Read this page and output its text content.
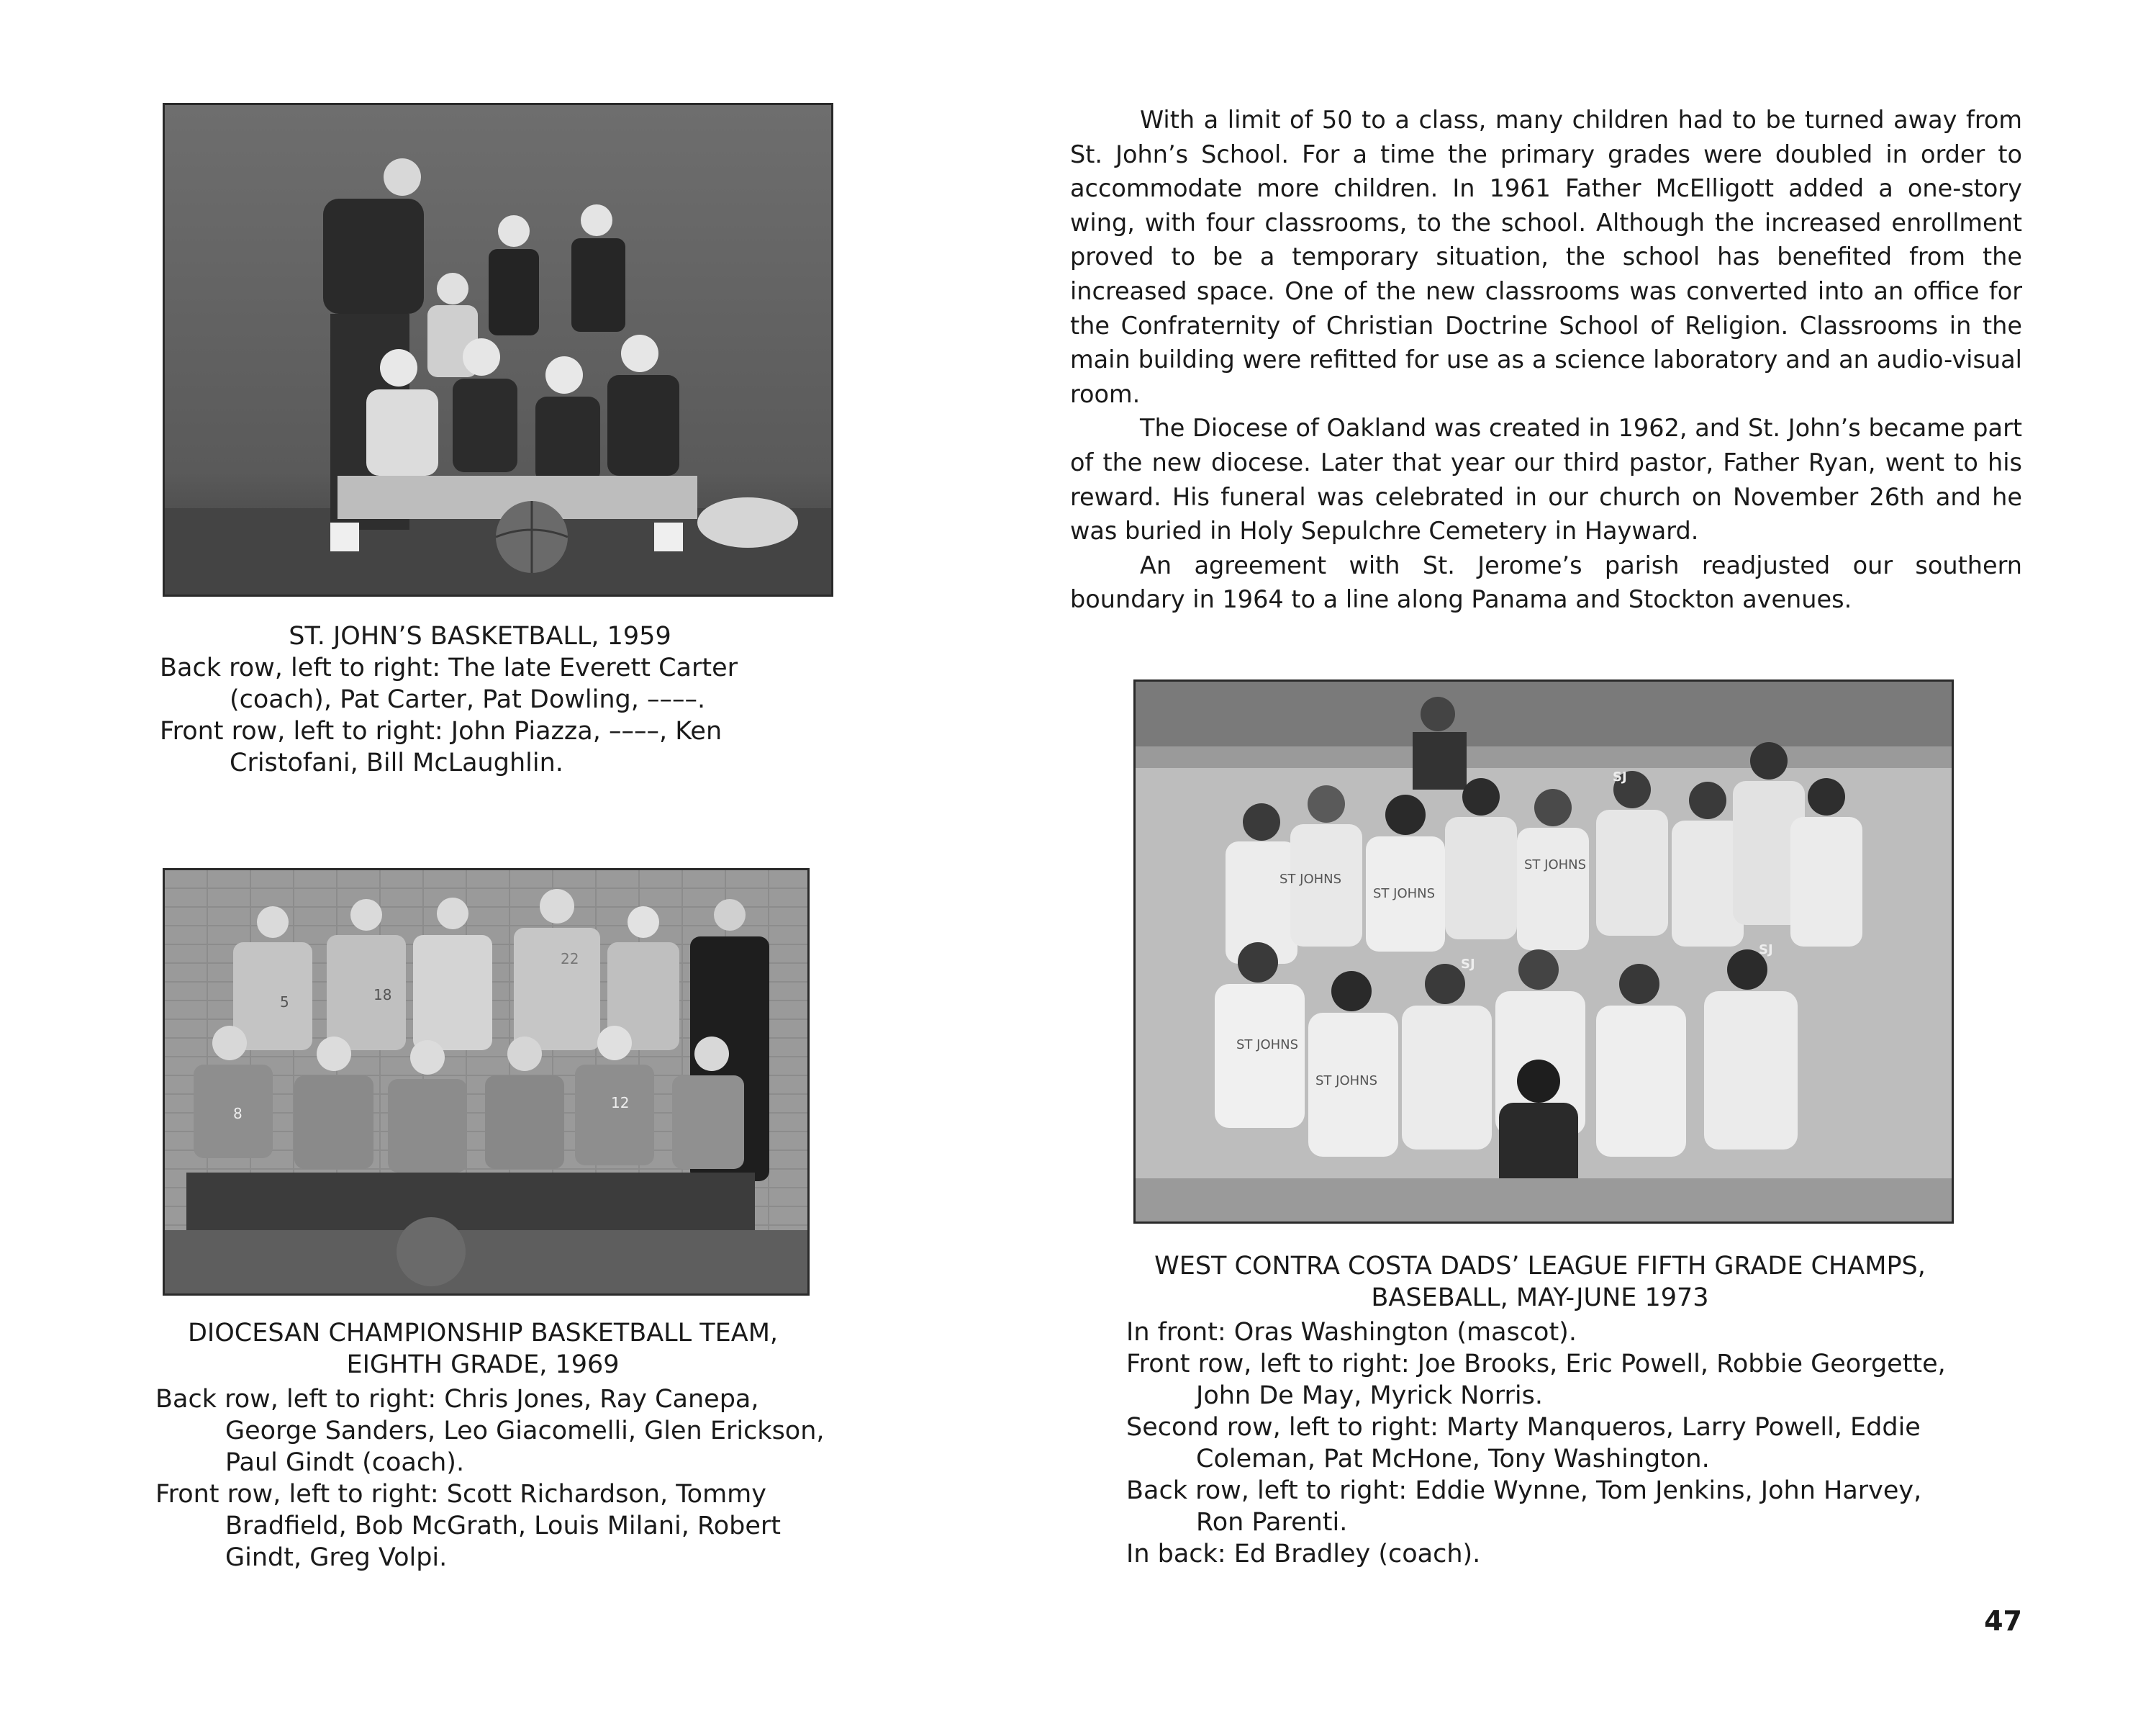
ST. JOHN’S BASKETBALL, 1959
Back row, left to right: The late Everett Carter (coach), Pat Carter, Pat Dowling, ––––.
Front row, left to right: John Piazza, ––––, Ken Cristofani, Bill McLaughlin.
5	18
22
8
12
DIOCESAN CHAMPIONSHIP BASKETBALL TEAM,
EIGHTH GRADE, 1969
Back row, left to right: Chris Jones, Ray Canepa, George Sanders, Leo Giacomelli, Glen Erickson, Paul Gindt (coach).
Front row, left to right: Scott Richardson, Tommy Bradfield, Bob McGrath, Louis Milani, Robert Gindt, Greg Volpi.

With a limit of 50 to a class, many children had to be turned away from St. John’s School. For a time the primary grades were doubled in order to accommodate more children. In 1961 Father McElligott added a one-story wing, with four classrooms, to the school. Although the increased enrollment proved to be a temporary situation, the school has benefited from the increased space. One of the new classrooms was converted into an office for the Confraternity of Christian Doctrine School of Religion. Classrooms in the main building were refitted for use as a science laboratory and an audio-visual room.

The Diocese of Oakland was created in 1962, and St. John’s became part of the new diocese. Later that year our third pastor, Father Ryan, went to his reward. His funeral was celebrated in our church on November 26th and he was buried in Holy Sepulchre Cemetery in Hayward.

An agreement with St. Jerome’s parish readjusted our southern boundary in 1964 to a line along Panama and Stockton avenues.

ST JOHNS
ST JOHNS
ST JOHNS
ST JOHNS
ST JOHNS
SJ
SJ
SJ
WEST CONTRA COSTA DADS’ LEAGUE FIFTH GRADE CHAMPS,
BASEBALL, MAY-JUNE 1973
In front: Oras Washington (mascot).
Front row, left to right: Joe Brooks, Eric Powell, Robbie Georgette, John De May, Myrick Norris.
Second row, left to right: Marty Manqueros, Larry Powell, Eddie Coleman, Pat McHone, Tony Washington.
Back row, left to right: Eddie Wynne, Tom Jenkins, John Harvey, Ron Parenti.
In back: Ed Bradley (coach).
47
